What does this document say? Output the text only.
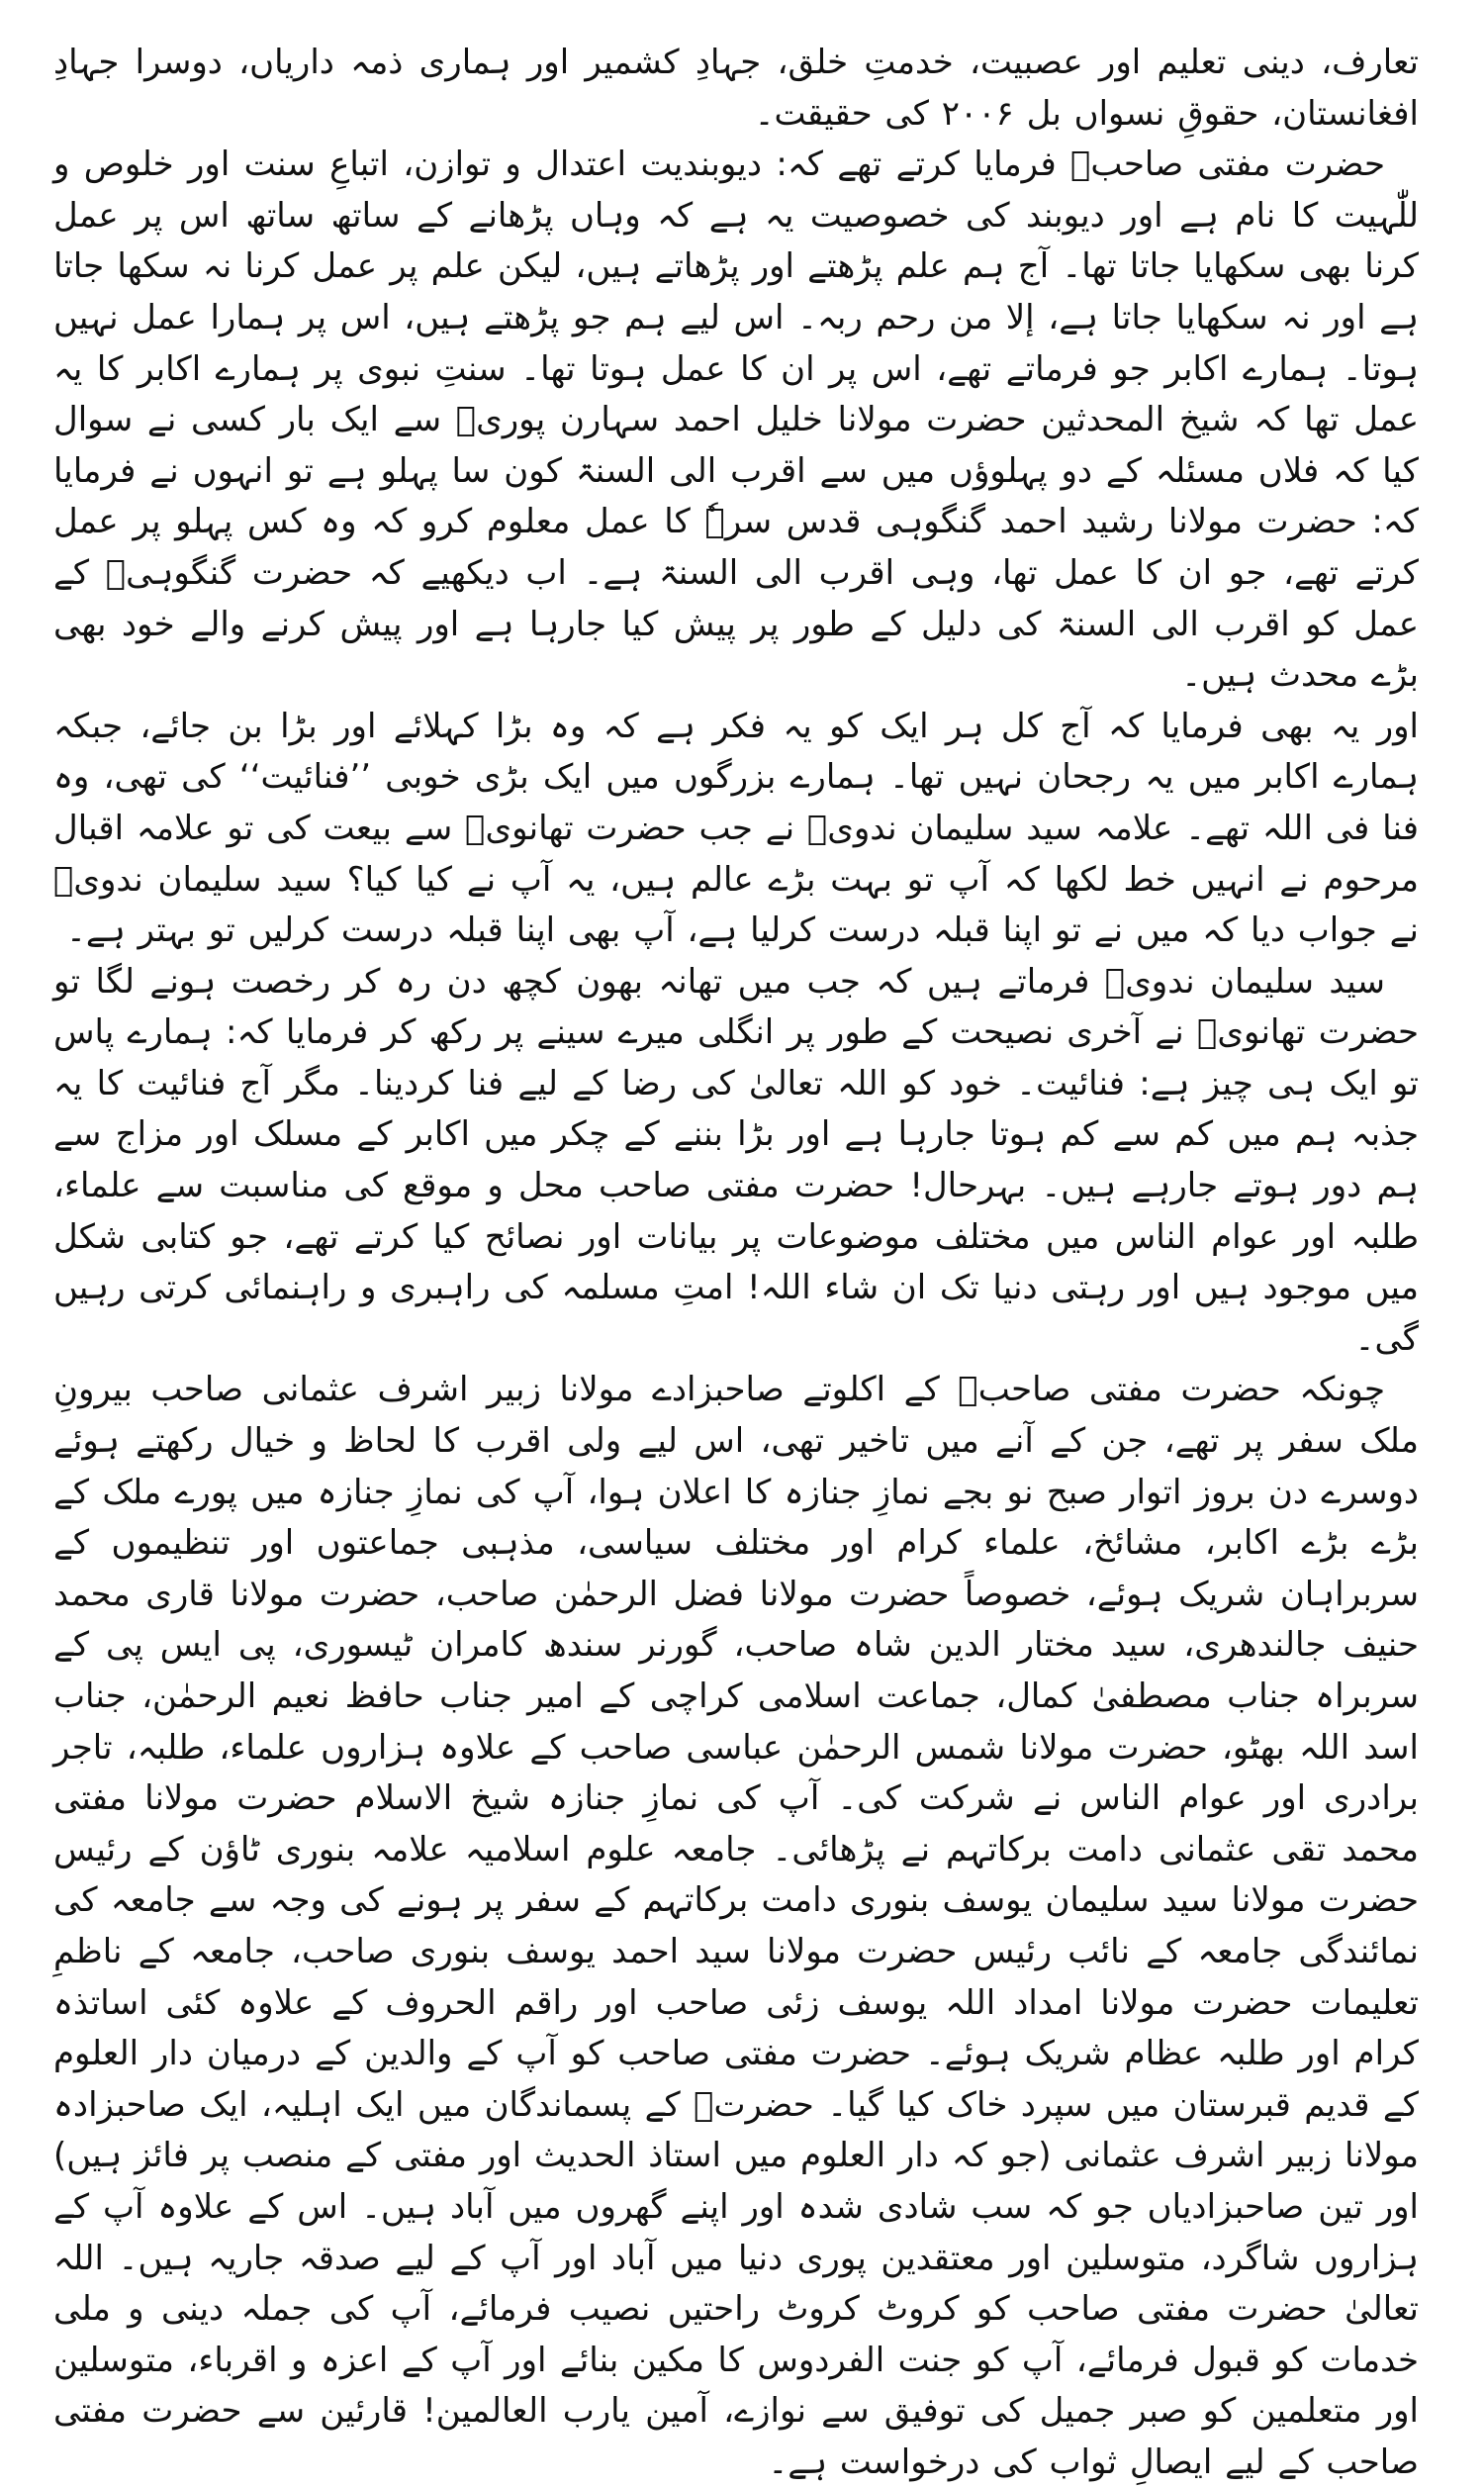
تعارف، دینی تعلیم اور عصبیت، خدمتِ خلق، جہادِ کشمیر اور ہماری ذمہ داریاں، دوسرا جہادِ افغانستان، حقوقِ نسواں بل ۲۰۰۶ کی حقیقت۔

حضرت مفتی صاحبؒ فرمایا کرتے تھے کہ: دیوبندیت اعتدال و توازن، اتباعِ سنت اور خلوص و للّٰہیت کا نام ہے اور دیوبند کی خصوصیت یہ ہے کہ وہاں پڑھانے کے ساتھ ساتھ اس پر عمل کرنا بھی سکھایا جاتا تھا۔ آج ہم علم پڑھتے اور پڑھاتے ہیں، لیکن علم پر عمل کرنا نہ سکھا جاتا ہے اور نہ سکھایا جاتا ہے، إلا من رحم ربہ۔ اس لیے ہم جو پڑھتے ہیں، اس پر ہمارا عمل نہیں ہوتا۔ ہمارے اکابر جو فرماتے تھے، اس پر ان کا عمل ہوتا تھا۔ سنتِ نبوی پر ہمارے اکابر کا یہ عمل تھا کہ شیخ المحدثین حضرت مولانا خلیل احمد سہارن پوریؒ سے ایک بار کسی نے سوال کیا کہ فلاں مسئلہ کے دو پہلوؤں میں سے اقرب الی السنۃ کون سا پہلو ہے تو انہوں نے فرمایا کہ: حضرت مولانا رشید احمد گنگوہی قدس سرہٗ کا عمل معلوم کرو کہ وہ کس پہلو پر عمل کرتے تھے، جو ان کا عمل تھا، وہی اقرب الی السنۃ ہے۔ اب دیکھیے کہ حضرت گنگوہیؒ کے عمل کو اقرب الی السنۃ کی دلیل کے طور پر پیش کیا جارہا ہے اور پیش کرنے والے خود بھی بڑے محدث ہیں۔

اور یہ بھی فرمایا کہ آج کل ہر ایک کو یہ فکر ہے کہ وہ بڑا کہلائے اور بڑا بن جائے، جبکہ ہمارے اکابر میں یہ رجحان نہیں تھا۔ ہمارے بزرگوں میں ایک بڑی خوبی ’’فنائیت‘‘ کی تھی، وہ فنا فی اللہ تھے۔ علامہ سید سلیمان ندویؒ نے جب حضرت تھانویؒ سے بیعت کی تو علامہ اقبال مرحوم نے انہیں خط لکھا کہ آپ تو بہت بڑے عالم ہیں، یہ آپ نے کیا کیا؟ سید سلیمان ندویؒ نے جواب دیا کہ میں نے تو اپنا قبلہ درست کرلیا ہے، آپ بھی اپنا قبلہ درست کرلیں تو بہتر ہے۔

سید سلیمان ندویؒ فرماتے ہیں کہ جب میں تھانہ بھون کچھ دن رہ کر رخصت ہونے لگا تو حضرت تھانویؒ نے آخری نصیحت کے طور پر انگلی میرے سینے پر رکھ کر فرمایا کہ: ہمارے پاس تو ایک ہی چیز ہے: فنائیت۔ خود کو اللہ تعالیٰ کی رضا کے لیے فنا کردینا۔ مگر آج فنائیت کا یہ جذبہ ہم میں کم سے کم ہوتا جارہا ہے اور بڑا بننے کے چکر میں اکابر کے مسلک اور مزاج سے ہم دور ہوتے جارہے ہیں۔ بہرحال! حضرت مفتی صاحب محل و موقع کی مناسبت سے علماء، طلبہ اور عوام الناس میں مختلف موضوعات پر بیانات اور نصائح کیا کرتے تھے، جو کتابی شکل میں موجود ہیں اور رہتی دنیا تک ان شاء اللہ! امتِ مسلمہ کی راہبری و راہنمائی کرتی رہیں گی۔

چونکہ حضرت مفتی صاحبؒ کے اکلوتے صاحبزادے مولانا زبیر اشرف عثمانی صاحب بیرونِ ملک سفر پر تھے، جن کے آنے میں تاخیر تھی، اس لیے ولی اقرب کا لحاظ و خیال رکھتے ہوئے دوسرے دن بروز اتوار صبح نو بجے نمازِ جنازہ کا اعلان ہوا، آپ کی نمازِ جنازہ میں پورے ملک کے بڑے بڑے اکابر، مشائخ، علماء کرام اور مختلف سیاسی، مذہبی جماعتوں اور تنظیموں کے سربراہان شریک ہوئے، خصوصاً حضرت مولانا فضل الرحمٰن صاحب، حضرت مولانا قاری محمد حنیف جالندھری، سید مختار الدین شاہ صاحب، گورنر سندھ کامران ٹیسوری، پی ایس پی کے سربراہ جناب مصطفیٰ کمال، جماعت اسلامی کراچی کے امیر جناب حافظ نعیم الرحمٰن، جناب اسد اللہ بھٹو، حضرت مولانا شمس الرحمٰن عباسی صاحب کے علاوہ ہزاروں علماء، طلبہ، تاجر برادری اور عوام الناس نے شرکت کی۔ آپ کی نمازِ جنازہ شیخ الاسلام حضرت مولانا مفتی محمد تقی عثمانی دامت برکاتہم نے پڑھائی۔ جامعہ علوم اسلامیہ علامہ بنوری ٹاؤن کے رئیس حضرت مولانا سید سلیمان یوسف بنوری دامت برکاتہم کے سفر پر ہونے کی وجہ سے جامعہ کی نمائندگی جامعہ کے نائب رئیس حضرت مولانا سید احمد یوسف بنوری صاحب، جامعہ کے ناظمِ تعلیمات حضرت مولانا امداد اللہ یوسف زئی صاحب اور راقم الحروف کے علاوہ کئی اساتذہ کرام اور طلبہ عظام شریک ہوئے۔ حضرت مفتی صاحب کو آپ کے والدین کے درمیان دار العلوم کے قدیم قبرستان میں سپرد خاک کیا گیا۔ حضرتؒ کے پسماندگان میں ایک اہلیہ، ایک صاحبزادہ مولانا زبیر اشرف عثمانی (جو کہ دار العلوم میں استاذ الحدیث اور مفتی کے منصب پر فائز ہیں) اور تین صاحبزادیاں جو کہ سب شادی شدہ اور اپنے گھروں میں آباد ہیں۔ اس کے علاوہ آپ کے ہزاروں شاگرد، متوسلین اور معتقدین پوری دنیا میں آباد اور آپ کے لیے صدقہ جاریہ ہیں۔ اللہ تعالیٰ حضرت مفتی صاحب کو کروٹ کروٹ راحتیں نصیب فرمائے، آپ کی جملہ دینی و ملی خدمات کو قبول فرمائے، آپ کو جنت الفردوس کا مکین بنائے اور آپ کے اعزہ و اقرباء، متوسلین اور متعلمین کو صبر جمیل کی توفیق سے نوازے، آمین یارب العالمین! قارئین سے حضرت مفتی صاحب کے لیے ایصالِ ثواب کی درخواست ہے۔
